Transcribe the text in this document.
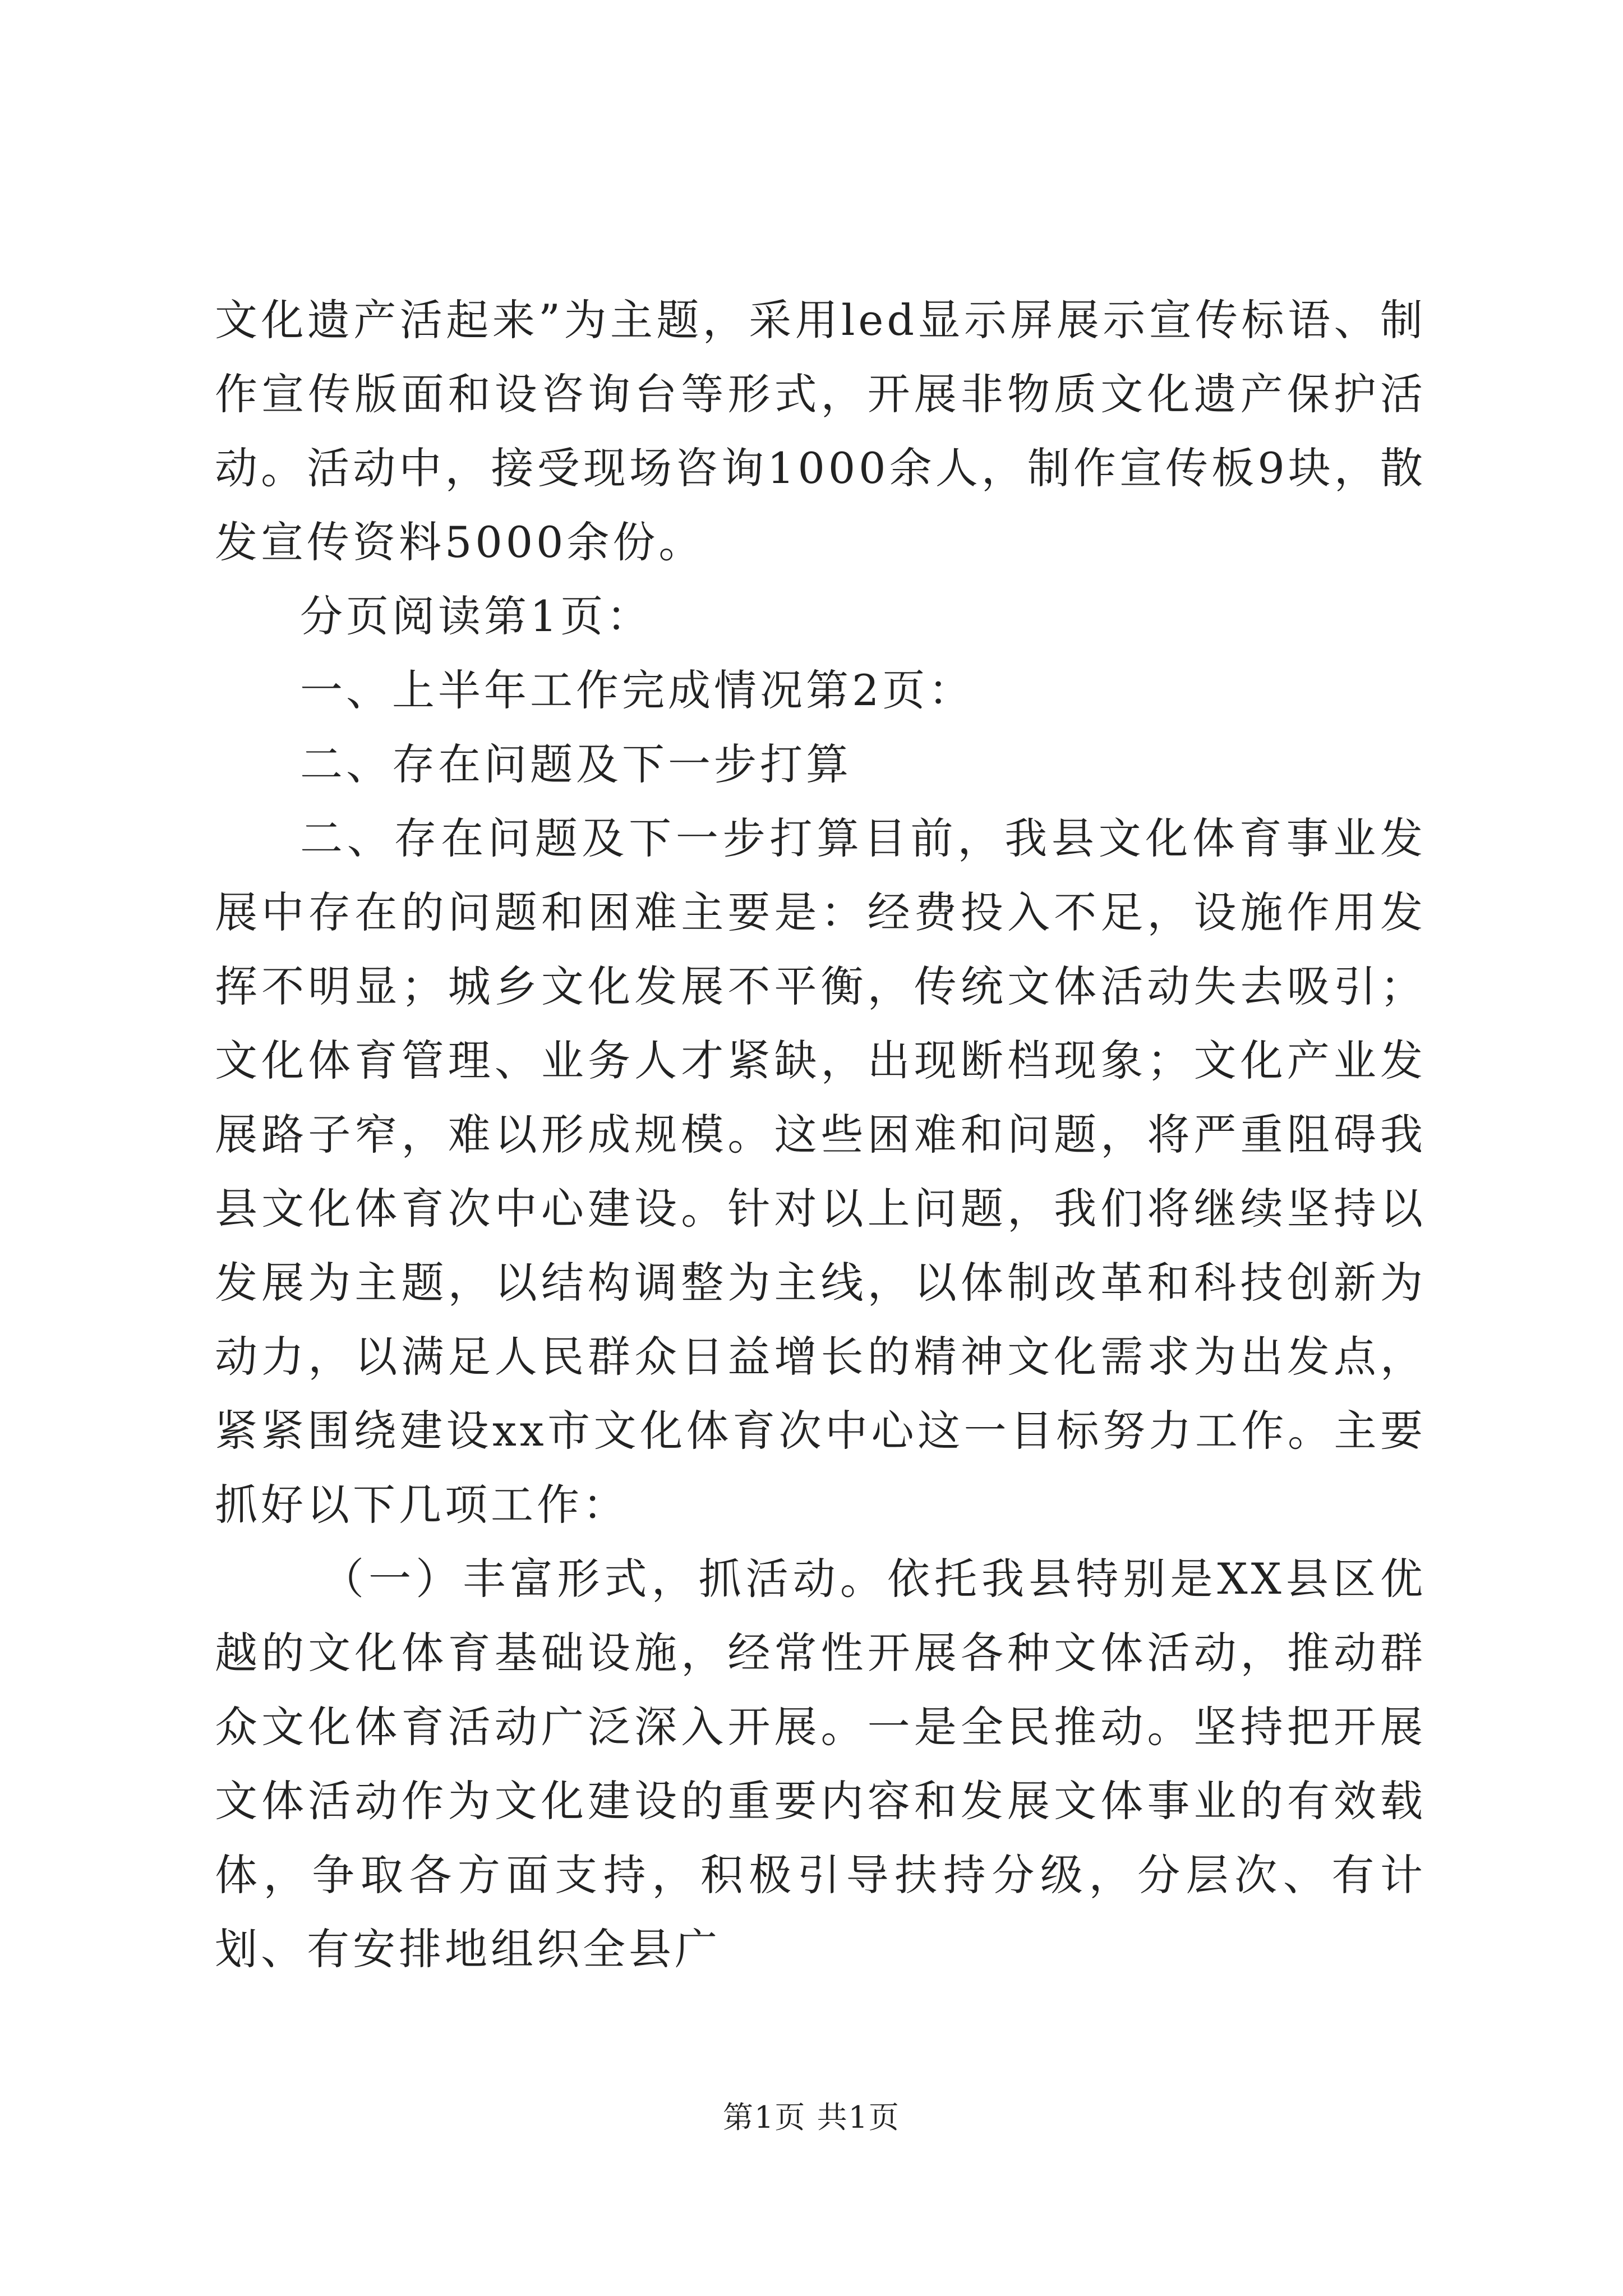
文化遗产活起来”为主题，采用led显示屏展示宣传标语、制作宣传版面和设咨询台等形式，开展非物质文化遗产保护活动。活动中，接受现场咨询1000余人，制作宣传板9块，散发宣传资料5000余份。

分页阅读第1页：

一、上半年工作完成情况第2页：

二、存在问题及下一步打算

二、存在问题及下一步打算目前，我县文化体育事业发展中存在的问题和困难主要是：经费投入不足，设施作用发挥不明显；城乡文化发展不平衡，传统文体活动失去吸引；文化体育管理、业务人才紧缺，出现断档现象；文化产业发展路子窄，难以形成规模。这些困难和问题，将严重阻碍我县文化体育次中心建设。针对以上问题，我们将继续坚持以发展为主题，以结构调整为主线，以体制改革和科技创新为动力，以满足人民群众日益增长的精神文化需求为出发点，紧紧围绕建设xx市文化体育次中心这一目标努力工作。主要抓好以下几项工作：

（一）丰富形式，抓活动。依托我县特别是XX县区优越的文化体育基础设施，经常性开展各种文体活动，推动群众文化体育活动广泛深入开展。一是全民推动。坚持把开展文体活动作为文化建设的重要内容和发展文体事业的有效载体，争取各方面支持，积极引导扶持分级，分层次、有计划、有安排地组织全县广

第1页 共1页
